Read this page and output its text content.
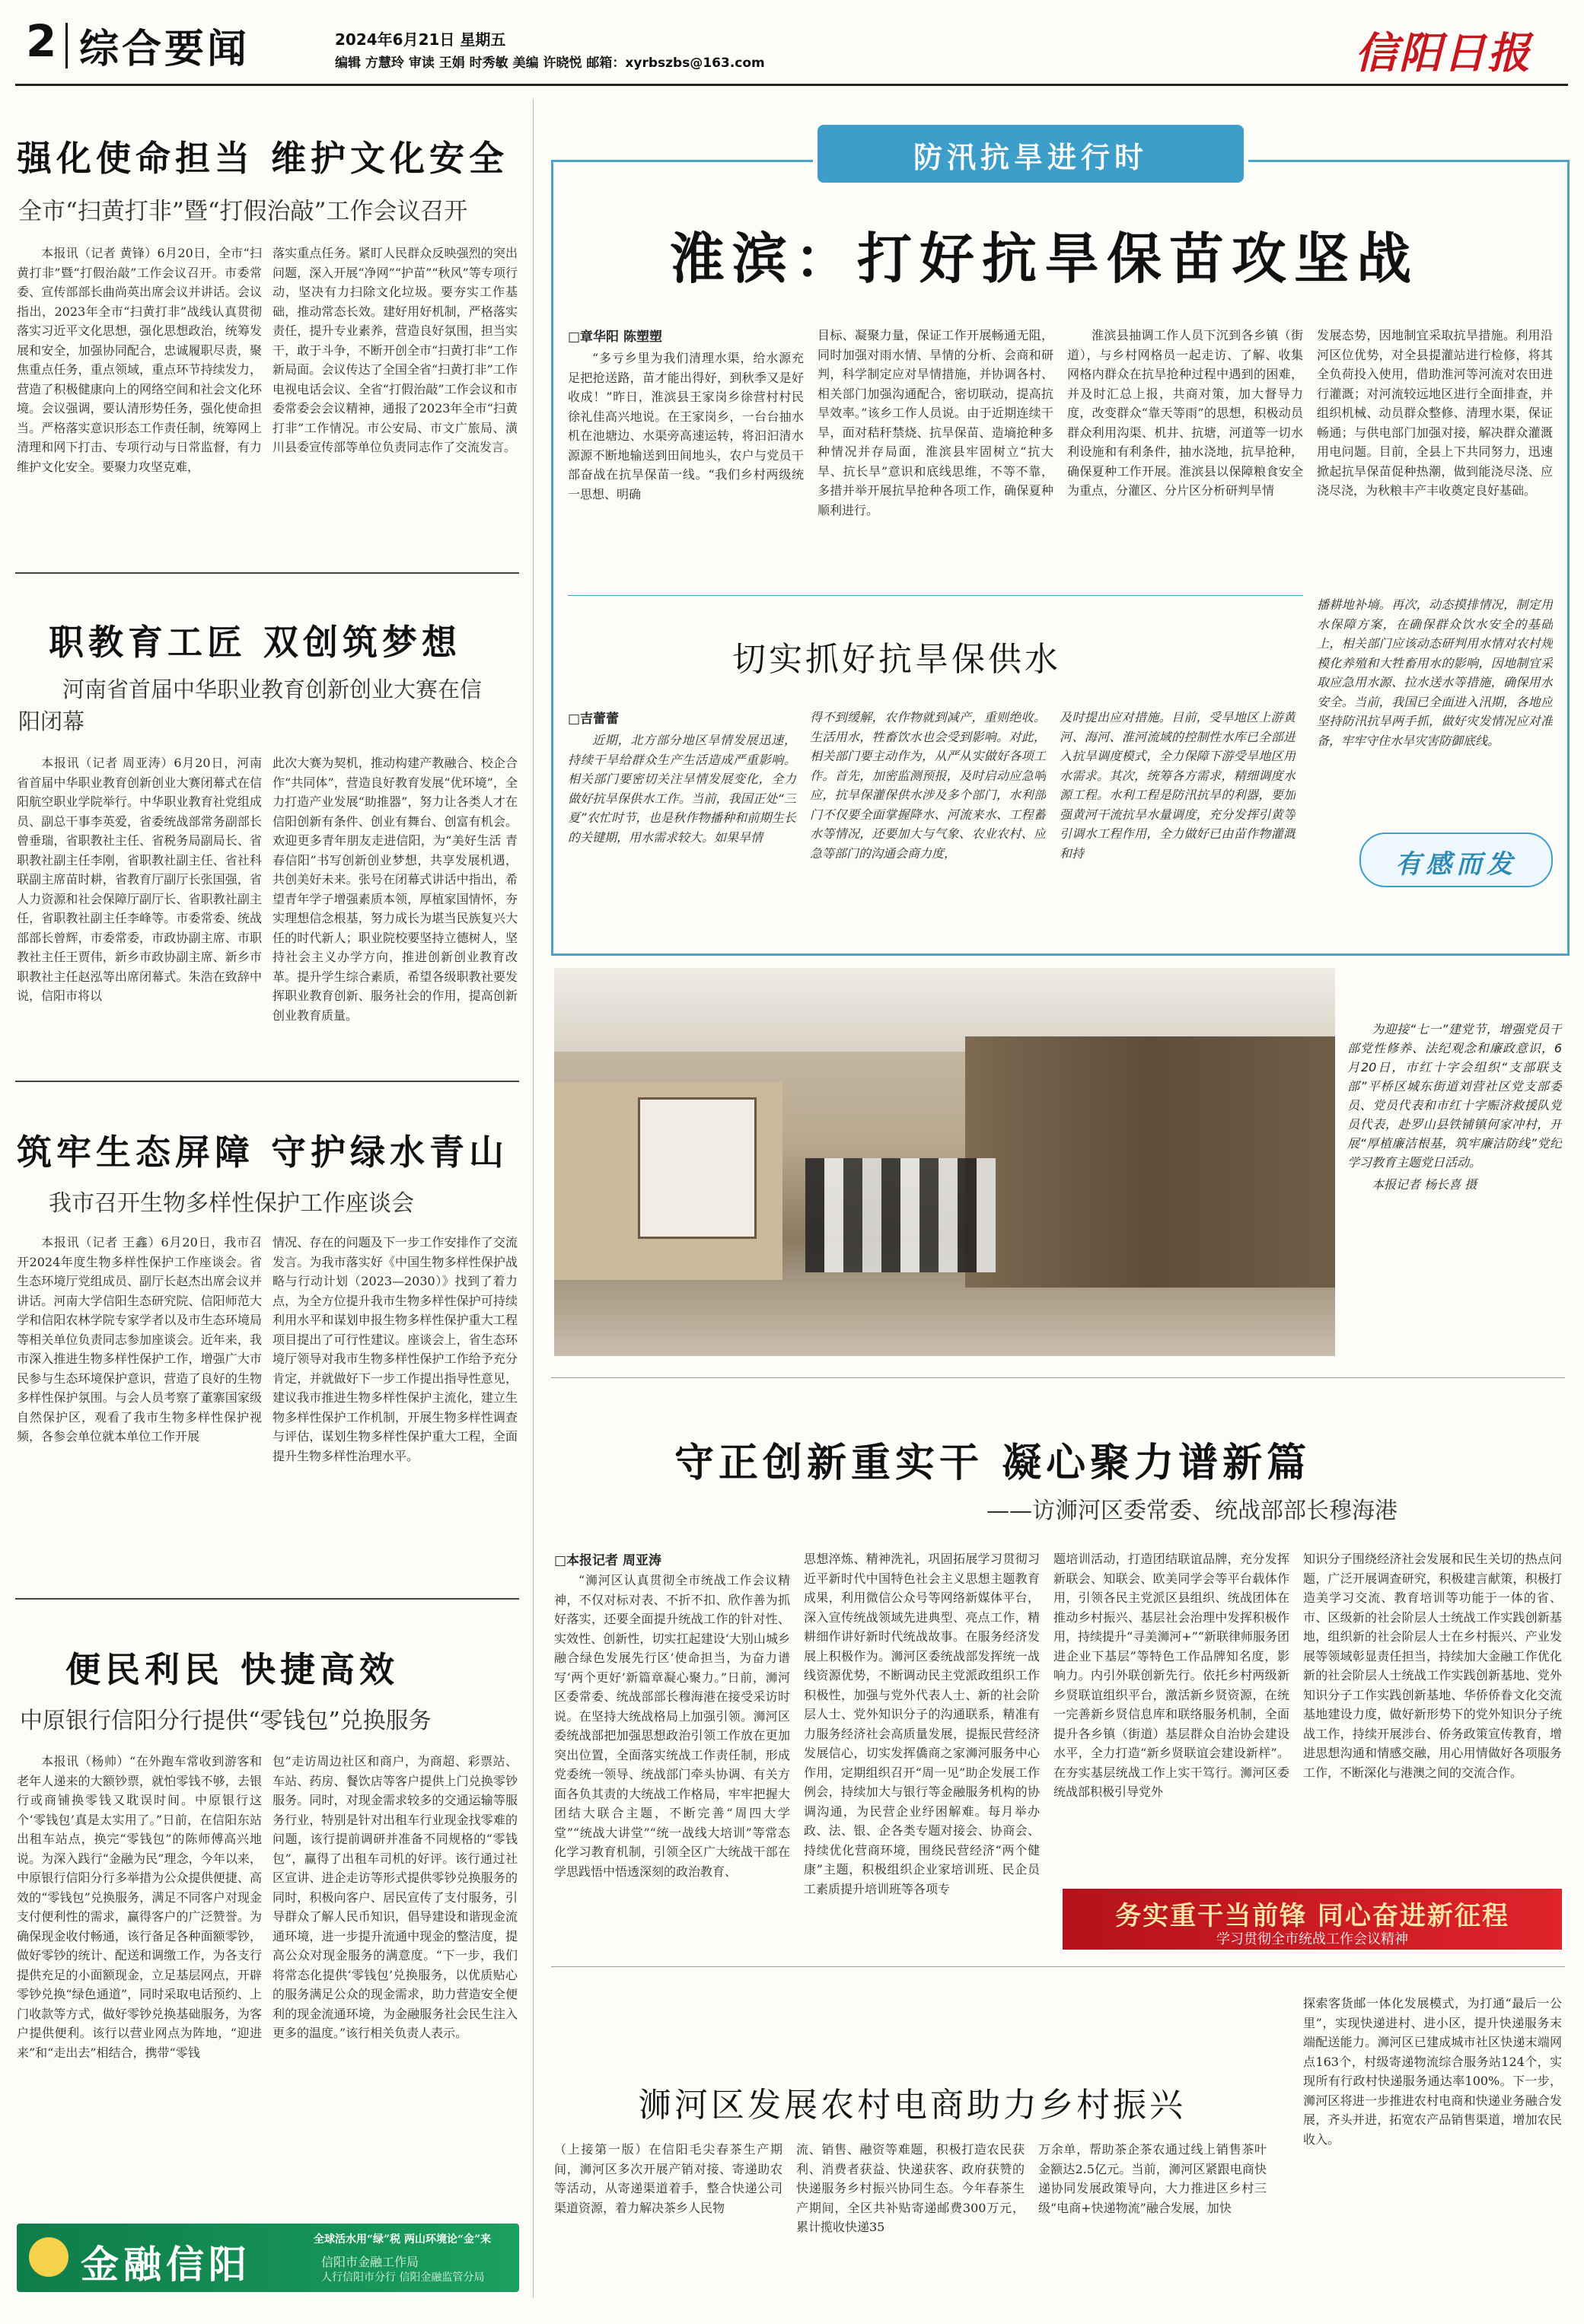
2 综合要闻	2024年6月21日 星期五
编辑 方慧玲 审读 王娟 时秀敏 美编 许晓悦 邮箱：xyrbszbs@163.com	信阳日报
强化使命担当 维护文化安全
全市“扫黄打非”暨“打假治敲”工作会议召开

本报讯（记者 黄锋）6月20日，全市“扫黄打非”暨“打假治敲”工作会议召开。市委常委、宣传部部长曲尚英出席会议并讲话。会议指出，2023年全市“扫黄打非”战线认真贯彻落实习近平文化思想，强化思想政治，统筹发展和安全，加强协同配合，忠诚履职尽责，聚焦重点任务，重点领域，重点环节持续发力，营造了积极健康向上的网络空间和社会文化环境。会议强调，要认清形势任务，强化使命担当。严格落实意识形态工作责任制，统筹网上清理和网下打击、专项行动与日常监督，有力维护文化安全。要聚力攻坚克难，

落实重点任务。紧盯人民群众反映强烈的突出问题，深入开展“净网”“护苗”“秋风”等专项行动，坚决有力扫除文化垃圾。要夯实工作基础，推动常态长效。建好用好机制，严格落实责任，提升专业素养，营造良好氛围，担当实干，敢于斗争，不断开创全市“扫黄打非”工作新局面。会议传达了全国全省“扫黄打非”工作电视电话会议、全省“打假治敲”工作会议和市委常委会会议精神，通报了2023年全市“扫黄打非”工作情况。市公安局、市文广旅局、潢川县委宣传部等单位负责同志作了交流发言。

职教育工匠 双创筑梦想
河南省首届中华职业教育创新创业大赛在信阳闭幕

本报讯（记者 周亚涛）6月20日，河南省首届中华职业教育创新创业大赛闭幕式在信阳航空职业学院举行。中华职业教育社党组成员、副总干事李英爱，省委统战部常务副部长曾垂瑞，省职教社主任、省税务局副局长、省职教社副主任李刚，省职教社副主任、省社科联副主席苗时耕，省教育厅副厅长张国强，省人力资源和社会保障厅副厅长、省职教社副主任，省职教社副主任李峰等。市委常委、统战部部长曾辉，市委常委，市政协副主席、市职教社主任王贾伟，新乡市政协副主席、新乡市职教社主任赵泓等出席闭幕式。朱浩在致辞中说，信阳市将以

此次大赛为契机，推动构建产教融合、校企合作“共同体”，营造良好教育发展“优环境”，全力打造产业发展“助推器”，努力让各类人才在信阳创新有条件、创业有舞台、创富有机会。欢迎更多青年朋友走进信阳，为“美好生活 青春信阳”书写创新创业梦想，共享发展机遇，共创美好未来。张号在闭幕式讲话中指出，希望青年学子增强素质本领，厚植家国情怀，夯实理想信念根基，努力成长为堪当民族复兴大任的时代新人；职业院校要坚持立德树人，坚持社会主义办学方向，推进创新创业教育改革。提升学生综合素质，希望各级职教社要发挥职业教育创新、服务社会的作用，提高创新创业教育质量。

筑牢生态屏障 守护绿水青山
我市召开生物多样性保护工作座谈会

本报讯（记者 王鑫）6月20日，我市召开2024年度生物多样性保护工作座谈会。省生态环境厅党组成员、副厅长赵杰出席会议并讲话。河南大学信阳生态研究院、信阳师范大学和信阳农林学院专家学者以及市生态环境局等相关单位负责同志参加座谈会。近年来，我市深入推进生物多样性保护工作，增强广大市民参与生态环境保护意识，营造了良好的生物多样性保护氛围。与会人员考察了董寨国家级自然保护区，观看了我市生物多样性保护视频，各参会单位就本单位工作开展

情况、存在的问题及下一步工作安排作了交流发言。为我市落实好《中国生物多样性保护战略与行动计划（2023—2030）》找到了着力点，为全方位提升我市生物多样性保护可持续利用水平和谋划申报生物多样性保护重大工程项目提出了可行性建议。座谈会上，省生态环境厅领导对我市生物多样性保护工作给予充分肯定，并就做好下一步工作提出指导性意见，建议我市推进生物多样性保护主流化，建立生物多样性保护工作机制，开展生物多样性调查与评估，谋划生物多样性保护重大工程，全面提升生物多样性治理水平。

便民利民 快捷高效
中原银行信阳分行提供“零钱包”兑换服务

本报讯（杨帅）“在外跑车常收到游客和老年人递来的大额钞票，就怕零钱不够，去银行或商铺换零钱又耽误时间。中原银行这个‘零钱包’真是太实用了。”日前，在信阳东站出租车站点，换完“零钱包”的陈师傅高兴地说。为深入践行“金融为民”理念，今年以来，中原银行信阳分行多举措为公众提供便捷、高效的“零钱包”兑换服务，满足不同客户对现金支付便利性的需求，赢得客户的广泛赞誉。为确保现金收付畅通，该行备足各种面额零钞，做好零钞的统计、配送和调缴工作，为各支行提供充足的小面额现金，立足基层网点，开辟零钞兑换“绿色通道”，同时采取电话预约、上门收款等方式，做好零钞兑换基础服务，为客户提供便利。该行以营业网点为阵地，“迎进来”和“走出去”相结合，携带“零钱

包”走访周边社区和商户，为商超、彩票站、车站、药房、餐饮店等客户提供上门兑换零钞服务。同时，对现金需求较多的交通运输等服务行业，特别是针对出租车行业现金找零难的问题，该行提前调研并准备不同规格的“零钱包”，赢得了出租车司机的好评。该行通过社区宣讲、进企走访等形式提供零钞兑换服务的同时，积极向客户、居民宣传了支付服务，引导群众了解人民币知识，倡导建设和谐现金流通环境，进一步提升流通中现金的整洁度，提高公众对现金服务的满意度。“下一步，我们将常态化提供‘零钱包’兑换服务，以优质贴心的服务满足公众的现金需求，助力营造安全便利的现金流通环境，为金融服务社会民生注入更多的温度。”该行相关负责人表示。

金融信阳
全球活水用“绿”税 两山环境论“金”来
信阳市金融工作局
人行信阳市分行 信阳金融监管分局
防汛抗旱进行时
淮滨：打好抗旱保苗攻坚战
□章华阳 陈塑塑

“多亏乡里为我们清理水渠，给水源充足把抢送路，苗才能出得好，到秋季又是好收成！”昨日，淮滨县王家岗乡徐营村村民徐礼佳高兴地说。在王家岗乡，一台台抽水机在池塘边、水渠旁高速运转，将汩汩清水源源不断地输送到田间地头，农户与党员干部奋战在抗旱保苗一线。“我们乡村两级统一思想、明确

目标、凝聚力量，保证工作开展畅通无阻，同时加强对雨水情、旱情的分析、会商和研判，科学制定应对旱情措施，并协调各村、相关部门加强沟通配合，密切联动，提高抗旱效率。”该乡工作人员说。由于近期连续干旱，面对秸秆禁烧、抗旱保苗、造墒抢种多种情况并存局面，淮滨县牢固树立“抗大旱、抗长旱”意识和底线思维，不等不靠，多措并举开展抗旱抢种各项工作，确保夏种顺利进行。

淮滨县抽调工作人员下沉到各乡镇（街道），与乡村网格员一起走访、了解、收集网格内群众在抗旱抢种过程中遇到的困难，并及时汇总上报，共商对策，加大督导力度，改变群众“靠天等雨”的思想，积极动员群众利用沟渠、机井、抗塘，河道等一切水利设施和有利条件，抽水浇地，抗旱抢种，确保夏种工作开展。淮滨县以保障粮食安全为重点，分灌区、分片区分析研判旱情

发展态势，因地制宜采取抗旱措施。利用沿河区位优势，对全县提灌站进行检修，将其全负荷投入使用，借助淮河等河流对农田进行灌溉；对河流较远地区进行全面排查，并组织机械、动员群众整修、清理水渠，保证畅通；与供电部门加强对接，解决群众灌溉用电问题。目前，全县上下共同努力，迅速掀起抗旱保苗促种热潮，做到能浇尽浇、应浇尽浇，为秋粮丰产丰收奠定良好基础。

切实抓好抗旱保供水
□吉蕾蕾

近期，北方部分地区旱情发展迅速，持续干旱给群众生产生活造成严重影响。相关部门要密切关注旱情发展变化，全力做好抗旱保供水工作。当前，我国正处“三夏”农忙时节，也是秋作物播种和前期生长的关键期，用水需求较大。如果旱情

得不到缓解，农作物就到减产，重则绝收。生活用水，牲畜饮水也会受到影响。对此，相关部门要主动作为，从严从实做好各项工作。首先，加密监测预报，及时启动应急响应，抗旱保灌保供水涉及多个部门，水利部门不仅要全面掌握降水、河流来水、工程蓄水等情况，还要加大与气象、农业农村、应急等部门的沟通会商力度，

及时提出应对措施。目前，受旱地区上游黄河、海河、淮河流域的控制性水库已全部进入抗旱调度模式，全力保障下游受旱地区用水需求。其次，统筹各方需求，精细调度水源工程。水利工程是防汛抗旱的利器，要加强黄河干流抗旱水量调度，充分发挥引黄等引调水工程作用，全力做好已由苗作物灌溉和持

播耕地补墒。再次，动态摸排情况，制定用水保障方案，在确保群众饮水安全的基础上，相关部门应该动态研判用水情对农村规模化养殖和大牲畜用水的影响，因地制宜采取应急用水源、拉水送水等措施，确保用水安全。当前，我国已全面进入汛期，各地应坚持防汛抗旱两手抓，做好灾发情况应对准备，牢牢守住水旱灾害防御底线。

有感而发

为迎接“七一”建党节，增强党员干部党性修养、法纪观念和廉政意识，6月20日，市红十字会组织“支部联支部”平桥区城东街道刘营社区党支部委员、党员代表和市红十字赈济救援队党员代表，赴罗山县铁铺镇何家冲村，开展“厚植廉洁根基，筑牢廉洁防线”党纪学习教育主题党日活动。

本报记者 杨长喜 摄

守正创新重实干 凝心聚力谱新篇
——访浉河区委常委、统战部部长穆海港
□本报记者 周亚涛

“浉河区认真贯彻全市统战工作会议精神，不仅对标对表、不折不扣、欣作善为抓好落实，还要全面提升统战工作的针对性、实效性、创新性，切实扛起建设‘大别山城乡融合绿色发展先行区’使命担当，为奋力谱写‘两个更好’新篇章凝心聚力。”日前，浉河区委常委、统战部部长穆海港在接受采访时说。在坚持大统战格局上加强引领。浉河区委统战部把加强思想政治引领工作放在更加突出位置，全面落实统战工作责任制，形成党委统一领导、统战部门牵头协调、有关方面各负其责的大统战工作格局，牢牢把握大团结大联合主题，不断完善“周四大学堂”“统战大讲堂”“统一战线大培训”等常态化学习教育机制，引领全区广大统战干部在学思践悟中悟透深刻的政治教育、

思想淬炼、精神洗礼，巩固拓展学习贯彻习近平新时代中国特色社会主义思想主题教育成果，利用微信公众号等网络新媒体平台，深入宣传统战领域先进典型、亮点工作，精耕细作讲好新时代统战故事。在服务经济发展上积极作为。浉河区委统战部发挥统一战线资源优势，不断调动民主党派政组织工作积极性，加强与党外代表人士、新的社会阶层人士、党外知识分子的沟通联系，精准有力服务经济社会高质量发展，提振民营经济发展信心，切实发挥僑商之家浉河服务中心作用，定期组织召开“周一见”助企发展工作例会，持续加大与银行等金融服务机构的协调沟通，为民营企业纾困解难。每月举办政、法、银、企各类专题对接会、协商会、持续优化营商环境，围绕民营经济“两个健康”主题，积极组织企业家培训班、民企员工素质提升培训班等各项专

题培训活动，打造团结联谊品牌，充分发挥新联会、知联会、欧美同学会等平台载体作用，引领各民主党派区县组织、统战团体在推动乡村振兴、基层社会治理中发挥积极作用，持续提升“寻美浉河+”“新联律师服务团进企业下基层”等特色工作品牌知名度，影响力。内引外联创新先行。依托乡村两级新乡贤联谊组织平台，激活新乡贤资源，在统一完善新乡贤信息库和联络服务机制，全面提升各乡镇（街道）基层群众自治协会建设水平，全力打造“新乡贤联谊会建设新样”。在夯实基层统战工作上实干笃行。浉河区委统战部积极引导党外

知识分子围绕经济社会发展和民生关切的热点问题，广泛开展调查研究，积极建言献策，积极打造美学习交流、教育培训等功能于一体的省、市、区级新的社会阶层人士统战工作实践创新基地，组织新的社会阶层人士在乡村振兴、产业发展等领域彰显责任担当，持续加大金融工作优化新的社会阶层人士统战工作实践创新基地、党外知识分子工作实践创新基地、华侨侨眷文化交流基地建设力度，做好新形势下的党外知识分子统战工作，持续开展涉台、侨务政策宣传教育，增进思想沟通和情感交融，用心用情做好各项服务工作，不断深化与港澳之间的交流合作。

务实重干当前锋 同心奋进新征程
学习贯彻全市统战工作会议精神
浉河区发展农村电商助力乡村振兴

（上接第一版）在信阳毛尖春茶生产期间，浉河区多次开展产销对接、寄递助农等活动，从寄递渠道着手，整合快递公司渠道资源，着力解决茶乡人民物

流、销售、融资等难题，积极打造农民获利、消费者获益、快递获客、政府获赞的快递服务乡村振兴协同生态。今年春茶生产期间，全区共补贴寄递邮费300万元，累计揽收快递35

万余单，帮助茶企茶农通过线上销售茶叶金额达2.5亿元。当前，浉河区紧跟电商快递协同发展政策导向，大力推进区乡村三级“电商+快递物流”融合发展，加快

探索客货邮一体化发展模式，为打通“最后一公里”，实现快递进村、进小区，提升快递服务末端配送能力。浉河区已建成城市社区快递末端网点163个，村级寄递物流综合服务站124个，实现所有行政村快递服务通达率100%。下一步，浉河区将进一步推进农村电商和快递业务融合发展，齐头并进，拓宽农产品销售渠道，增加农民收入。
